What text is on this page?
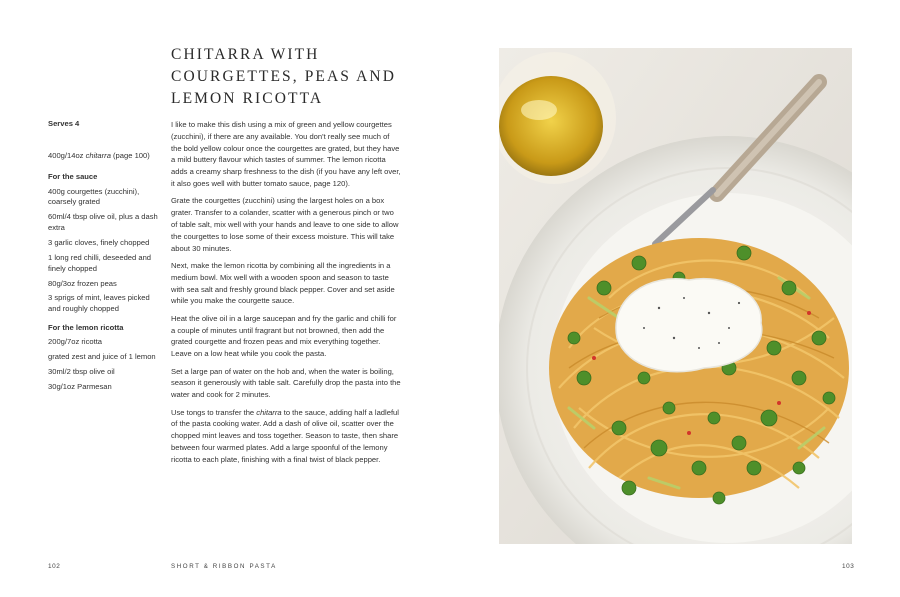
CHITARRA WITH
COURGETTES, PEAS AND
LEMON RICOTTA

Serves 4

400g/14oz chitarra (page 100)

For the sauce

400g courgettes (zucchini), coarsely grated

60ml/4 tbsp olive oil, plus a dash extra

3 garlic cloves, finely chopped

1 long red chilli, deseeded and finely chopped

80g/3oz frozen peas

3 sprigs of mint, leaves picked and roughly chopped

For the lemon ricotta

200g/7oz ricotta

grated zest and juice of 1 lemon

30ml/2 tbsp olive oil

30g/1oz Parmesan

I like to make this dish using a mix of green and yellow courgettes (zucchini), if there are any available. You don't really see much of the bold yellow colour once the courgettes are grated, but they have a mild buttery flavour which tastes of summer. The lemon ricotta adds a creamy sharp freshness to the dish (if you have any left over, it also goes well with butter tomato sauce, page 120).

Grate the courgettes (zucchini) using the largest holes on a box grater. Transfer to a colander, scatter with a generous pinch or two of table salt, mix well with your hands and leave to one side to allow the courgettes to lose some of their excess moisture. This will take about 30 minutes.

Next, make the lemon ricotta by combining all the ingredients in a medium bowl. Mix well with a wooden spoon and season to taste with sea salt and freshly ground black pepper. Cover and set aside while you make the courgette sauce.

Heat the olive oil in a large saucepan and fry the garlic and chilli for a couple of minutes until fragrant but not browned, then add the grated courgette and frozen peas and mix everything together. Leave on a low heat while you cook the pasta.

Set a large pan of water on the hob and, when the water is boiling, season it generously with table salt. Carefully drop the pasta into the water and cook for 2 minutes.

Use tongs to transfer the chitarra to the sauce, adding half a ladleful of the pasta cooking water. Add a dash of olive oil, scatter over the chopped mint leaves and toss together. Season to taste, then share between four warmed plates. Add a large spoonful of the lemony ricotta to each plate, finishing with a final twist of black pepper.

102	SHORT & RIBBON PASTA	103
